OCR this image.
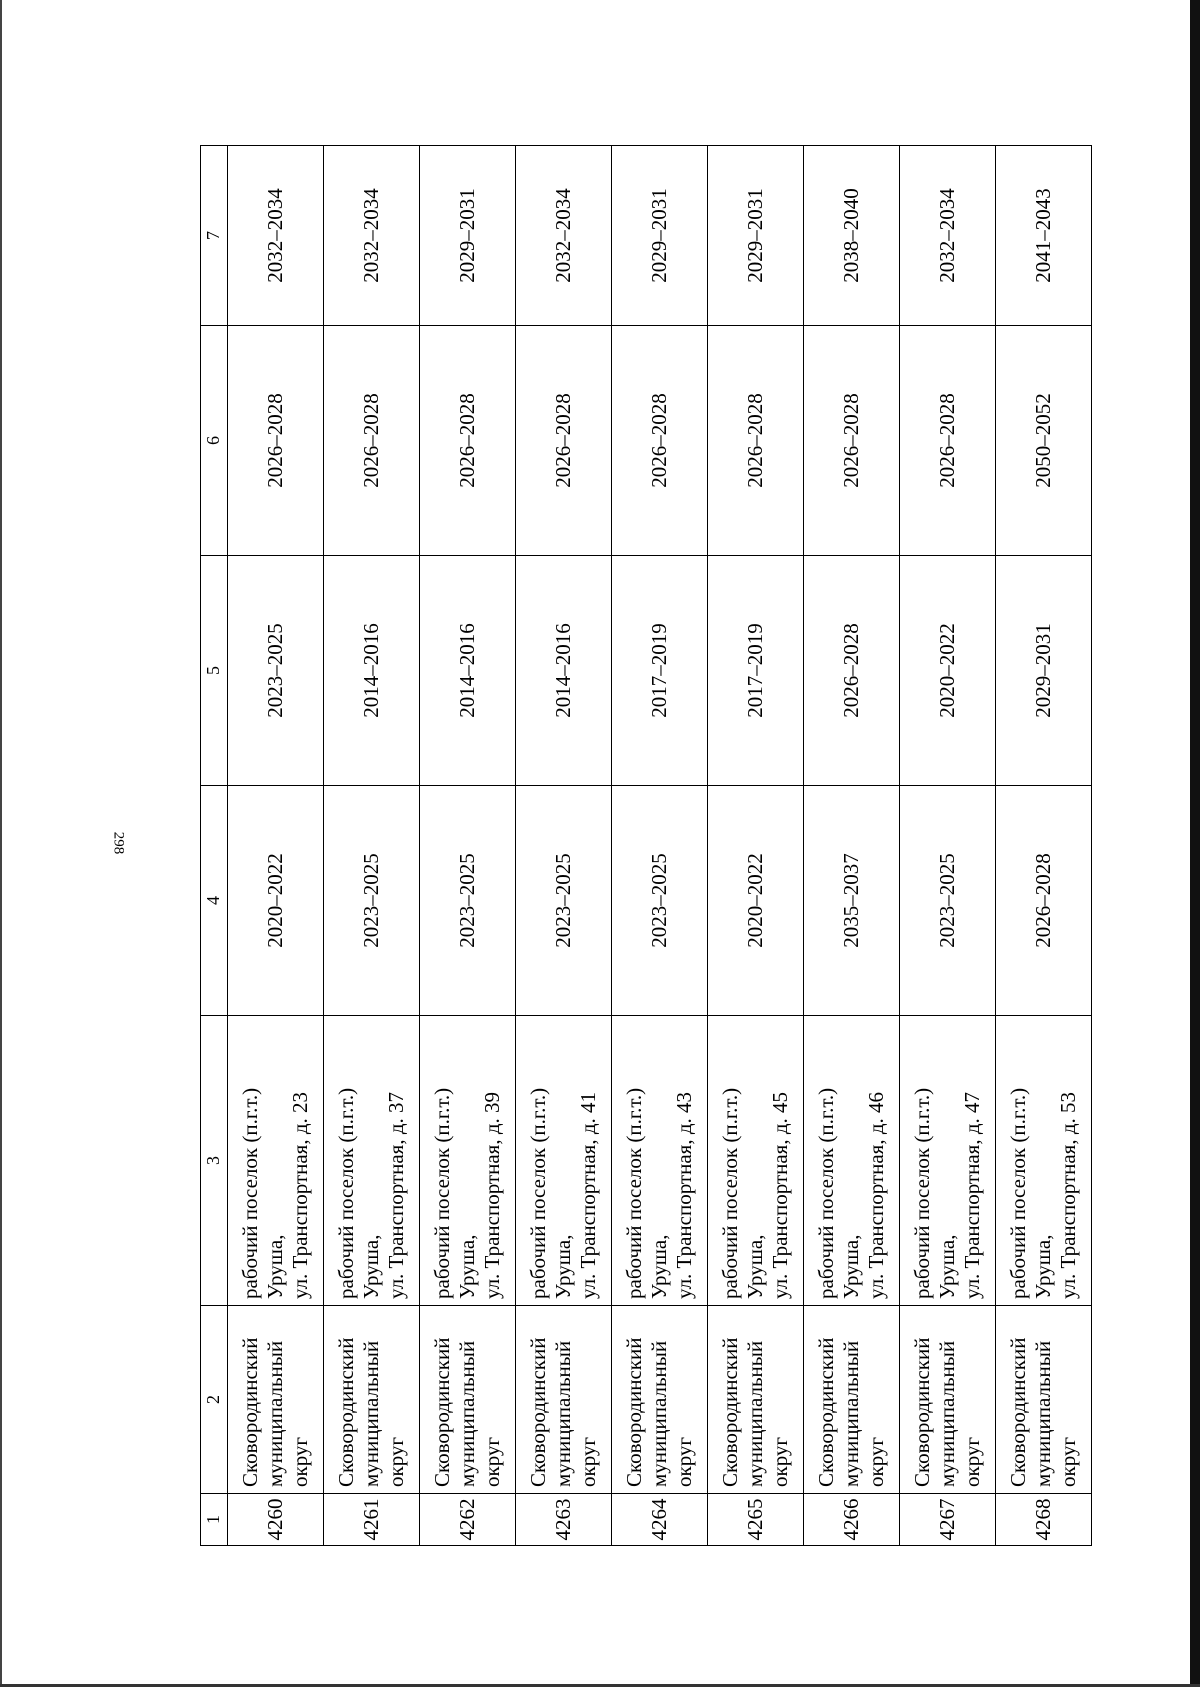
298
1	2	3	4	5	6	7
4260	Сковородинский муниципальный округ	рабочий поселок (п.г.т.) Уруша, ул. Транспортная, д. 23	2020–2022	2023–2025	2026–2028	2032–2034
4261	Сковородинский муниципальный округ	рабочий поселок (п.г.т.) Уруша, ул. Транспортная, д. 37	2023–2025	2014–2016	2026–2028	2032–2034
4262	Сковородинский муниципальный округ	рабочий поселок (п.г.т.) Уруша, ул. Транспортная, д. 39	2023–2025	2014–2016	2026–2028	2029–2031
4263	Сковородинский муниципальный округ	рабочий поселок (п.г.т.) Уруша, ул. Транспортная, д. 41	2023–2025	2014–2016	2026–2028	2032–2034
4264	Сковородинский муниципальный округ	рабочий поселок (п.г.т.) Уруша, ул. Транспортная, д. 43	2023–2025	2017–2019	2026–2028	2029–2031
4265	Сковородинский муниципальный округ	рабочий поселок (п.г.т.) Уруша, ул. Транспортная, д. 45	2020–2022	2017–2019	2026–2028	2029–2031
4266	Сковородинский муниципальный округ	рабочий поселок (п.г.т.) Уруша, ул. Транспортная, д. 46	2035–2037	2026–2028	2026–2028	2038–2040
4267	Сковородинский муниципальный округ	рабочий поселок (п.г.т.) Уруша, ул. Транспортная, д. 47	2023–2025	2020–2022	2026–2028	2032–2034
4268	Сковородинский муниципальный округ	рабочий поселок (п.г.т.) Уруша, ул. Транспортная, д. 53	2026–2028	2029–2031	2050–2052	2041–2043
